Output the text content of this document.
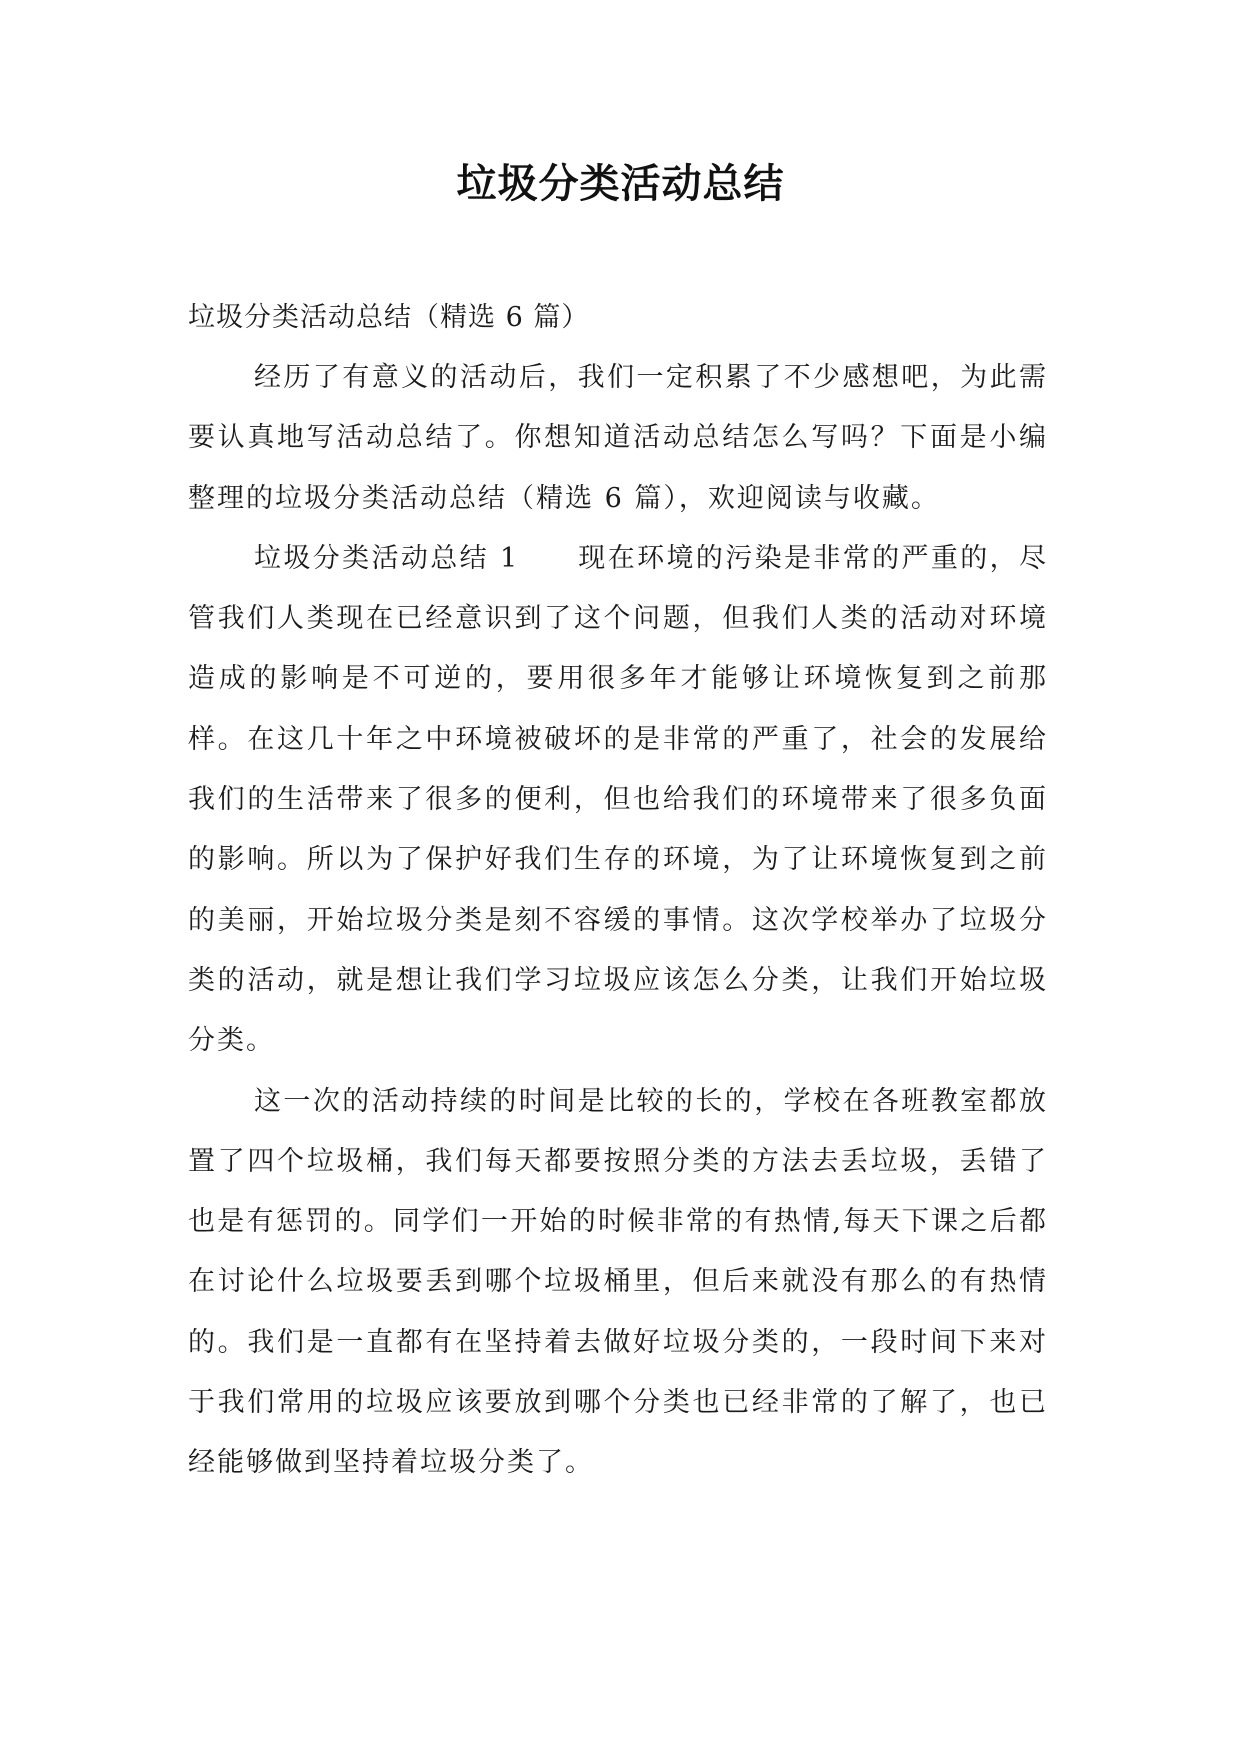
垃圾分类活动总结

垃圾分类活动总结（精选 6 篇）

经历了有意义的活动后，我们一定积累了不少感想吧，为此需要认真地写活动总结了。你想知道活动总结怎么写吗？下面是小编整理的垃圾分类活动总结（精选 6 篇），欢迎阅读与收藏。

垃圾分类活动总结 1　　现在环境的污染是非常的严重的，尽管我们人类现在已经意识到了这个问题，但我们人类的活动对环境造成的影响是不可逆的，要用很多年才能够让环境恢复到之前那样。在这几十年之中环境被破坏的是非常的严重了，社会的发展给我们的生活带来了很多的便利，但也给我们的环境带来了很多负面的影响。所以为了保护好我们生存的环境，为了让环境恢复到之前的美丽，开始垃圾分类是刻不容缓的事情。这次学校举办了垃圾分类的活动，就是想让我们学习垃圾应该怎么分类，让我们开始垃圾分类。

这一次的活动持续的时间是比较的长的，学校在各班教室都放置了四个垃圾桶，我们每天都要按照分类的方法去丢垃圾，丢错了也是有惩罚的。同学们一开始的时候非常的有热情,每天下课之后都在讨论什么垃圾要丢到哪个垃圾桶里，但后来就没有那么的有热情的。我们是一直都有在坚持着去做好垃圾分类的，一段时间下来对于我们常用的垃圾应该要放到哪个分类也已经非常的了解了，也已经能够做到坚持着垃圾分类了。
